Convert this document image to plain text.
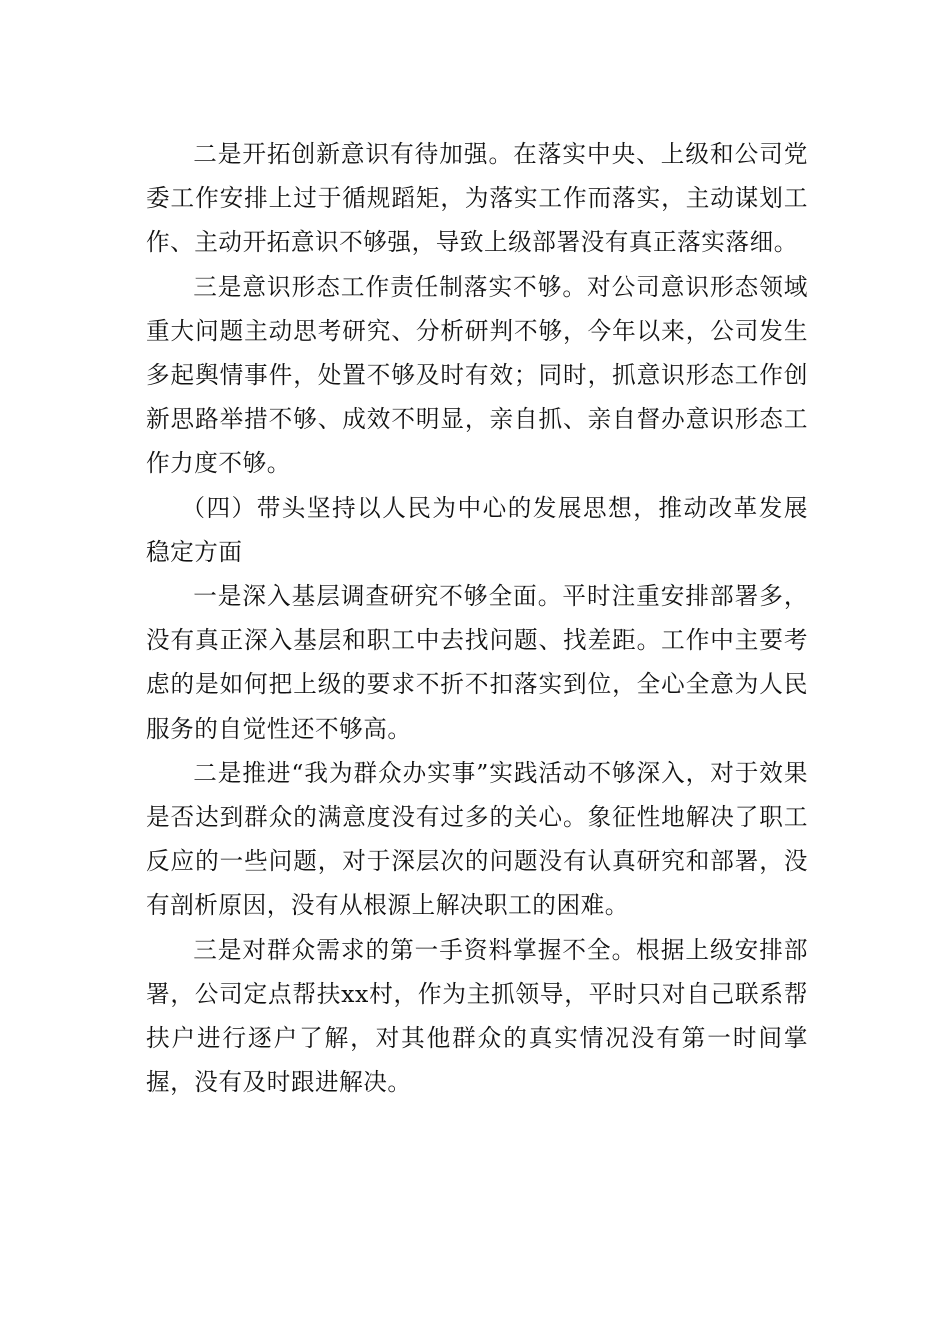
二是开拓创新意识有待加强。在落实中央、上级和公司党委工作安排上过于循规蹈矩，为落实工作而落实，主动谋划工作、主动开拓意识不够强，导致上级部署没有真正落实落细。

三是意识形态工作责任制落实不够。对公司意识形态领域重大问题主动思考研究、分析研判不够，今年以来，公司发生多起舆情事件，处置不够及时有效；同时，抓意识形态工作创新思路举措不够、成效不明显，亲自抓、亲自督办意识形态工作力度不够。

（四）带头坚持以人民为中心的发展思想，推动改革发展稳定方面

一是深入基层调查研究不够全面。平时注重安排部署多，没有真正深入基层和职工中去找问题、找差距。工作中主要考虑的是如何把上级的要求不折不扣落实到位，全心全意为人民服务的自觉性还不够高。

二是推进“我为群众办实事”实践活动不够深入，对于效果是否达到群众的满意度没有过多的关心。象征性地解决了职工反应的一些问题，对于深层次的问题没有认真研究和部署，没有剖析原因，没有从根源上解决职工的困难。

三是对群众需求的第一手资料掌握不全。根据上级安排部署，公司定点帮扶xx村，作为主抓领导，平时只对自己联系帮扶户进行逐户了解，对其他群众的真实情况没有第一时间掌握，没有及时跟进解决。
